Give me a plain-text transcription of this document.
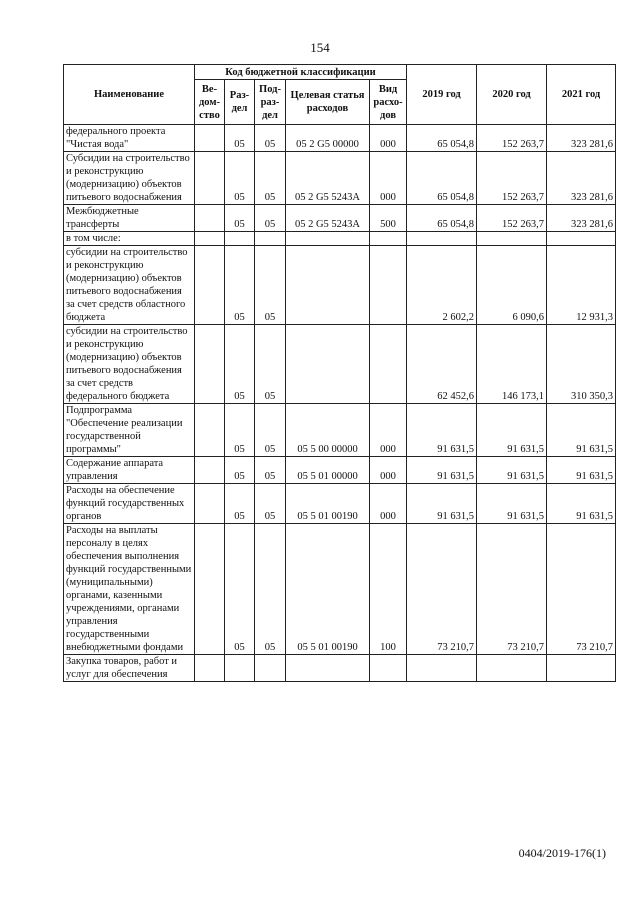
154
Наименование	Код бюджетной классификации					2019 год	2020 год	2021 год
	Ве-дом-ство	Раз-дел	Под-раз-дел	Целевая статья расходов	Вид расхо-дов			
федерального проекта "Чистая вода"		05	05	05 2 G5 00000	000	65 054,8	152 263,7	323 281,6
Субсидии на строительство и реконструкцию (модернизацию) объектов питьевого водоснабжения		05	05	05 2 G5 5243A	000	65 054,8	152 263,7	323 281,6
Межбюджетные трансферты		05	05	05 2 G5 5243A	500	65 054,8	152 263,7	323 281,6
в том числе:								
субсидии на строительство и реконструкцию (модернизацию) объектов питьевого водоснабжения за счет средств областного бюджета		05	05			2 602,2	6 090,6	12 931,3
субсидии на строительство и реконструкцию (модернизацию) объектов питьевого водоснабжения за счет средств федерального бюджета		05	05			62 452,6	146 173,1	310 350,3
Подпрограмма "Обеспечение реализации государственной программы"		05	05	05 5 00 00000	000	91 631,5	91 631,5	91 631,5
Содержание аппарата управления		05	05	05 5 01 00000	000	91 631,5	91 631,5	91 631,5
Расходы на обеспечение функций государственных органов		05	05	05 5 01 00190	000	91 631,5	91 631,5	91 631,5
Расходы на выплаты персоналу в целях обеспечения выполнения функций государственными (муниципальными) органами, казенными учреждениями, органами управления государственными внебюджетными фондами		05	05	05 5 01 00190	100	73 210,7	73 210,7	73 210,7
Закупка товаров, работ и услуг для обеспечения								
0404/2019-176(1)
